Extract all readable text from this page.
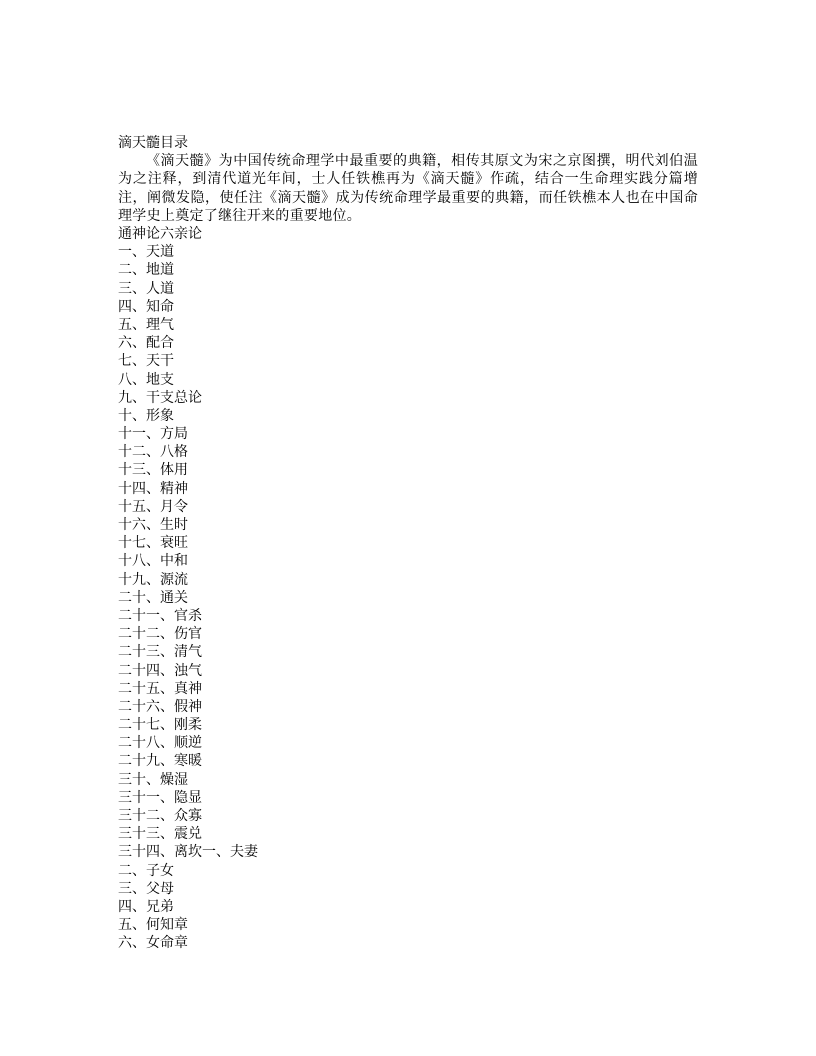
滴天髓目录
《滴天髓》为中国传统命理学中最重要的典籍，相传其原文为宋之京图撰，明代刘伯温为之注释，到清代道光年间，士人任铁樵再为《滴天髓》作疏，结合一生命理实践分篇增注，阐微发隐，使任注《滴天髓》成为传统命理学最重要的典籍，而任铁樵本人也在中国命理学史上奠定了继往开来的重要地位。
通神论六亲论
一、天道
二、地道
三、人道
四、知命
五、理气
六、配合
七、天干
八、地支
九、干支总论
十、形象
十一、方局
十二、八格
十三、体用
十四、精神
十五、月令
十六、生时
十七、衰旺
十八、中和
十九、源流
二十、通关
二十一、官杀
二十二、伤官
二十三、清气
二十四、浊气
二十五、真神
二十六、假神
二十七、刚柔
二十八、顺逆
二十九、寒暖
三十、燥湿
三十一、隐显
三十二、众寡
三十三、震兑
三十四、离坎一、夫妻
二、子女
三、父母
四、兄弟
五、何知章
六、女命章
